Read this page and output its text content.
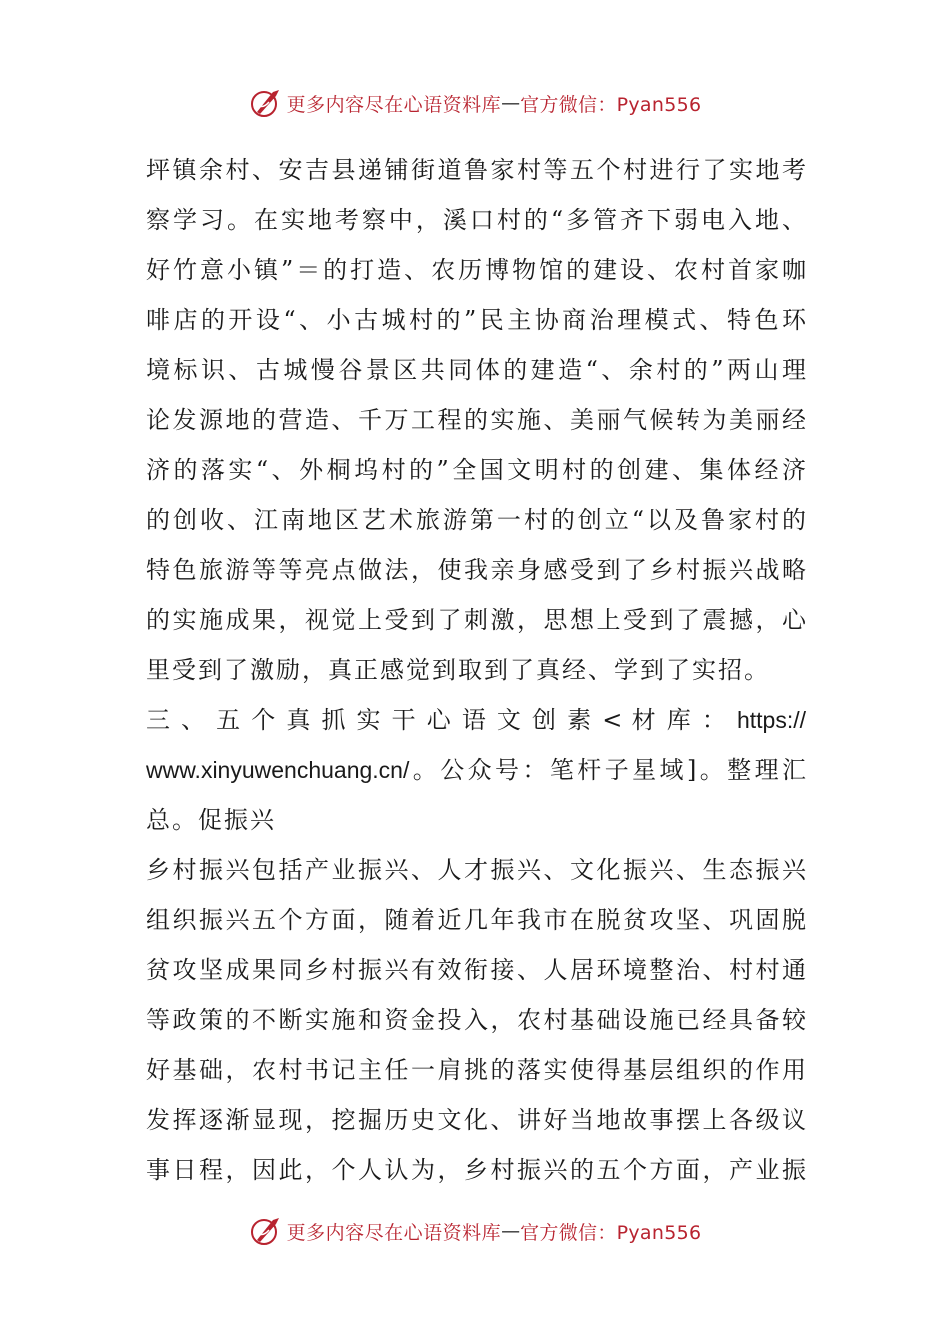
更多内容尽在心语资料库 — 官方微信：Pyan556
坪镇余村、安吉县递铺街道鲁家村等五个村进行了实地考
察学习。在实地考察中，溪口村的“多管齐下弱电入地、
好竹意小镇”＝的打造、农历博物馆的建设、农村首家咖
啡店的开设“、小古城村的”民主协商治理模式、特色环
境标识、古城慢谷景区共同体的建造“、余村的”两山理
论发源地的营造、千万工程的实施、美丽气候转为美丽经
济的落实“、外桐坞村的”全国文明村的创建、集体经济
的创收、江南地区艺术旅游第一村的创立“以及鲁家村的
特色旅游等等亮点做法，使我亲身感受到了乡村振兴战略
的实施成果，视觉上受到了刺激，思想上受到了震撼，心
里受到了激励，真正感觉到取到了真经、学到了实招。
三 、 五 个 真 抓 实 干 心 语 文 创 素 < 材 库 ： https://
www.xinyuwenchuang.cn/。公众号：笔杆子星域]。整理汇
总。促振兴
乡村振兴包括产业振兴、人才振兴、文化振兴、生态振兴
组织振兴五个方面，随着近几年我市在脱贫攻坚、巩固脱
贫攻坚成果同乡村振兴有效衔接、人居环境整治、村村通
等政策的不断实施和资金投入，农村基础设施已经具备较
好基础，农村书记主任一肩挑的落实使得基层组织的作用
发挥逐渐显现，挖掘历史文化、讲好当地故事摆上各级议
事日程，因此，个人认为，乡村振兴的五个方面，产业振
更多内容尽在心语资料库 — 官方微信：Pyan556
